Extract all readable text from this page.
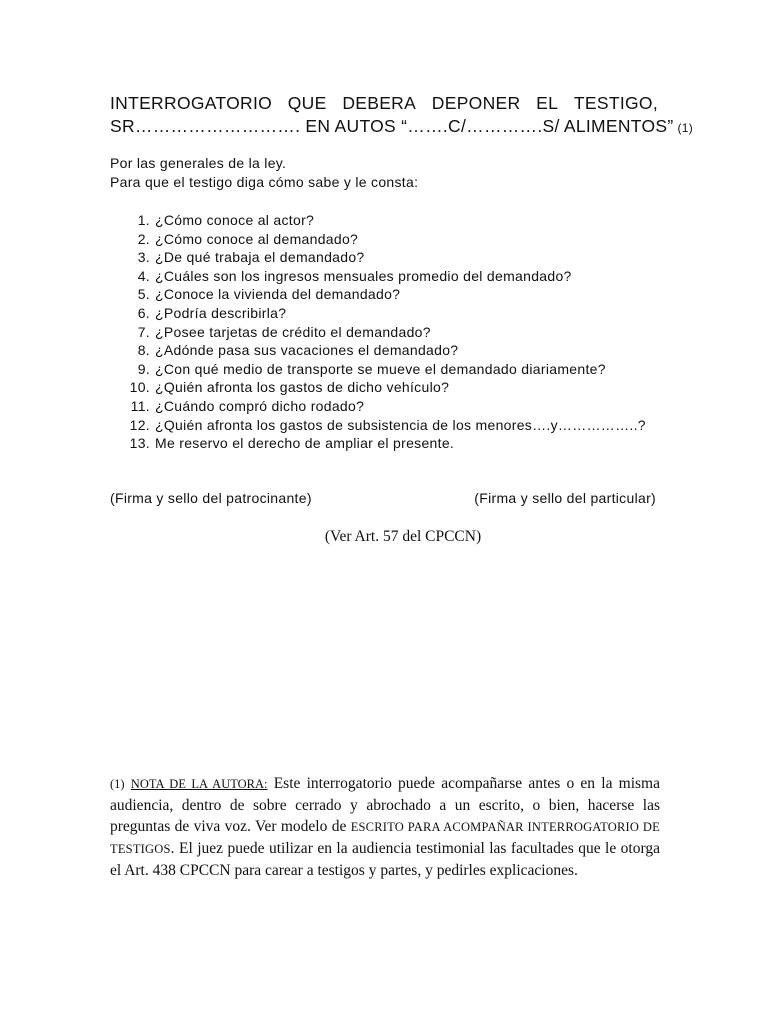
INTERROGATORIO QUE DEBERA DEPONER EL TESTIGO,
SR………………………. EN AUTOS “…….C/………….S/ ALIMENTOS” (1)

Por las generales de la ley.

Para que el testigo diga cómo sabe y le consta:

1. ¿Cómo conoce al actor?
2. ¿Cómo conoce al demandado?
3. ¿De qué trabaja el demandado?
4. ¿Cuáles son los ingresos mensuales promedio del demandado?
5. ¿Conoce la vivienda del demandado?
6. ¿Podría describirla?
7. ¿Posee tarjetas de crédito el demandado?
8. ¿Adónde pasa sus vacaciones el demandado?
9. ¿Con qué medio de transporte se mueve el demandado diariamente?
10. ¿Quién afronta los gastos de dicho vehículo?
11. ¿Cuándo compró dicho rodado?
12. ¿Quién afronta los gastos de subsistencia de los menores….y……………..?
13. Me reservo el derecho de ampliar el presente.
(Firma y sello del patrocinante)	(Firma y sello del particular)
(Ver Art. 57 del CPCCN)
(1) NOTA DE LA AUTORA: Este interrogatorio puede acompañarse antes o en la misma audiencia, dentro de sobre cerrado y abrochado a un escrito, o bien, hacerse las preguntas de viva voz. Ver modelo de ESCRITO PARA ACOMPAÑAR INTERROGATORIO DE TESTIGOS. El juez puede utilizar en la audiencia testimonial las facultades que le otorga el Art. 438 CPCCN para carear a testigos y partes, y pedirles explicaciones.
